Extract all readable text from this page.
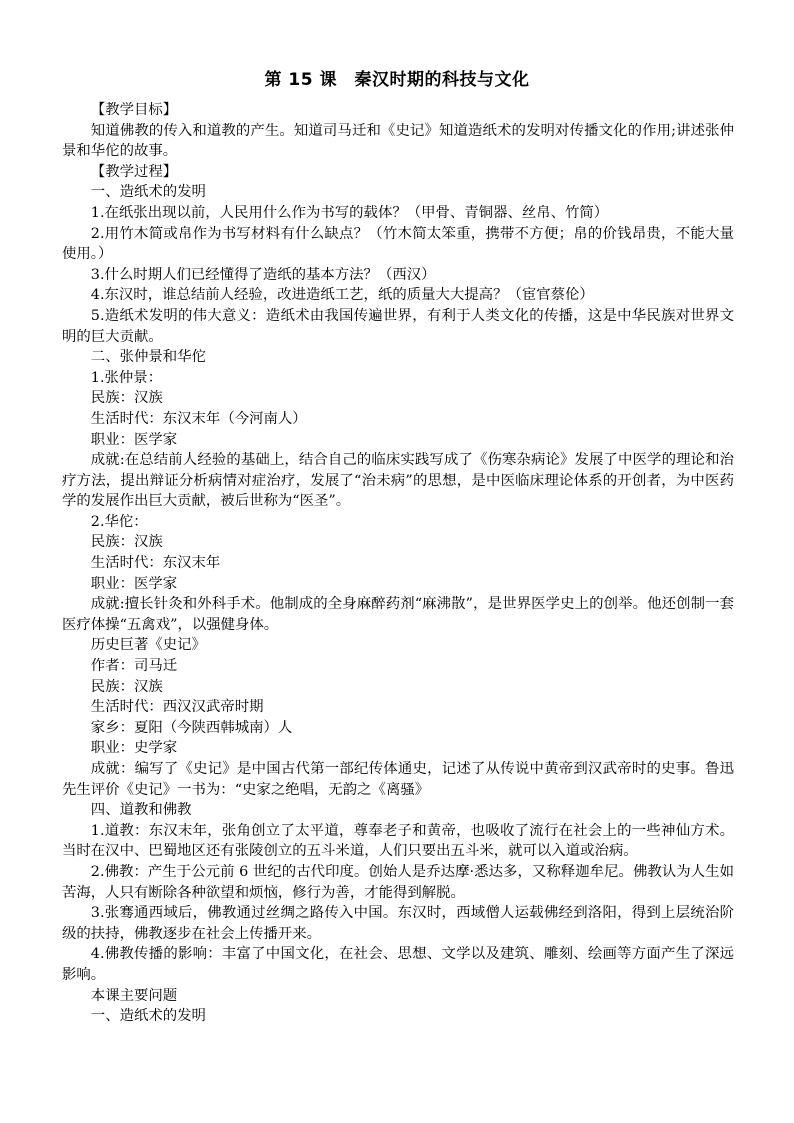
第 15 课　秦汉时期的科技与文化

【教学目标】

知道佛教的传入和道教的产生。知道司马迁和《史记》知道造纸术的发明对传播文化的作用;讲述张仲景和华佗的故事。

【教学过程】

一、造纸术的发明

1.在纸张出现以前，人民用什么作为书写的载体？（甲骨、青铜器、丝帛、竹简）

2.用竹木简或帛作为书写材料有什么缺点？（竹木简太笨重，携带不方便；帛的价钱昂贵，不能大量使用。）

3.什么时期人们已经懂得了造纸的基本方法？（西汉）

4.东汉时，谁总结前人经验，改进造纸工艺，纸的质量大大提高？（宦官蔡伦）

5.造纸术发明的伟大意义：造纸术由我国传遍世界，有利于人类文化的传播，这是中华民族对世界文明的巨大贡献。

二、张仲景和华佗

1.张仲景：

民族：汉族

生活时代：东汉末年（今河南人）

职业：医学家

成就:在总结前人经验的基础上，结合自己的临床实践写成了《伤寒杂病论》发展了中医学的理论和治疗方法，提出辩证分析病情对症治疗，发展了“治未病”的思想，是中医临床理论体系的开创者，为中医药学的发展作出巨大贡献，被后世称为“医圣”。

2.华佗：

民族：汉族

生活时代：东汉末年

职业：医学家

成就:擅长针灸和外科手术。他制成的全身麻醉药剂“麻沸散”，是世界医学史上的创举。他还创制一套医疗体操“五禽戏”，以强健身体。

历史巨著《史记》

作者：司马迁

民族：汉族

生活时代：西汉汉武帝时期

家乡：夏阳（今陕西韩城南）人

职业：史学家

成就：编写了《史记》是中国古代第一部纪传体通史，记述了从传说中黄帝到汉武帝时的史事。鲁迅先生评价《史记》一书为：“史家之绝唱，无韵之《离骚》

四、道教和佛教

1.道教：东汉末年，张角创立了太平道，尊奉老子和黄帝，也吸收了流行在社会上的一些神仙方术。当时在汉中、巴蜀地区还有张陵创立的五斗米道，人们只要出五斗米，就可以入道或治病。

2.佛教：产生于公元前 6 世纪的古代印度。创始人是乔达摩·悉达多，又称释迦牟尼。佛教认为人生如苦海，人只有断除各种欲望和烦恼，修行为善，才能得到解脱。

3.张骞通西域后，佛教通过丝绸之路传入中国。东汉时，西域僧人运载佛经到洛阳，得到上层统治阶级的扶持，佛教逐步在社会上传播开来。

4.佛教传播的影响：丰富了中国文化，在社会、思想、文学以及建筑、雕刻、绘画等方面产生了深远影响。

本课主要问题

一、造纸术的发明
